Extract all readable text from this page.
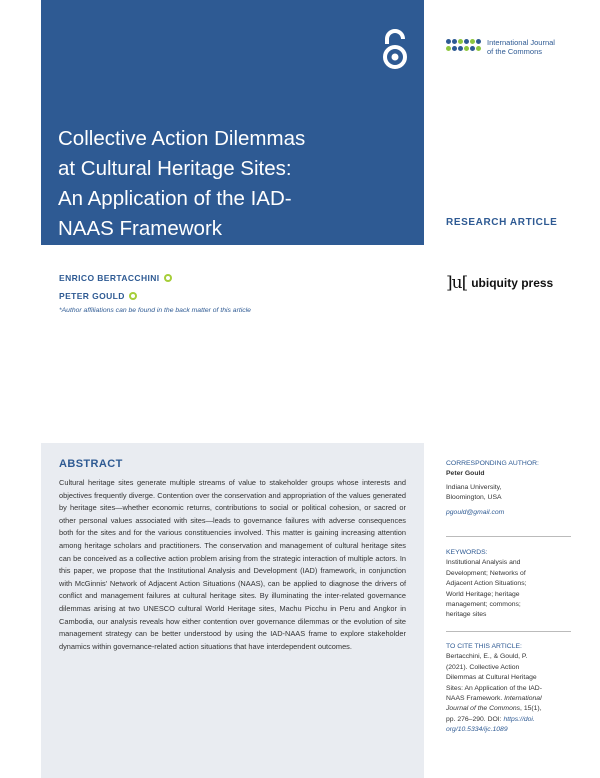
Collective Action Dilemmas
at Cultural Heritage Sites:
An Application of the IAD-
NAAS Framework
International Journal
of the Commons
RESEARCH ARTICLE
ENRICO BERTACCHINI
PETER GOULD
*Author affiliations can be found in the back matter of this article
]u[ ubiquity press
ABSTRACT

Cultural heritage sites generate multiple streams of value to stakeholder groups whose interests and objectives frequently diverge. Contention over the conservation and appropriation of the values generated by heritage sites—whether economic returns, contributions to social or political cohesion, or sacred or other personal values associated with sites—leads to governance failures with adverse consequences both for the sites and for the various constituencies involved. This matter is gaining increasing attention among heritage scholars and practitioners. The conservation and management of cultural heritage sites can be conceived as a collective action problem arising from the strategic interaction of multiple actors. In this paper, we propose that the Institutional Analysis and Development (IAD) framework, in conjunction with McGinnis' Network of Adjacent Action Situations (NAAS), can be applied to diagnose the drivers of conflict and management failures at cultural heritage sites. By illuminating the inter-related governance dilemmas arising at two UNESCO cultural World Heritage sites, Machu Picchu in Peru and Angkor in Cambodia, our analysis reveals how either contention over governance dilemmas or the evolution of site management strategy can be better understood by using the IAD-NAAS frame to explore stakeholder dynamics within governance-related action situations that have interdependent outcomes.

CORRESPONDING AUTHOR:
Peter Gould
Indiana University,
Bloomington, USA
pgould@gmail.com
KEYWORDS:
Institutional Analysis and
Development; Networks of
Adjacent Action Situations;
World Heritage; heritage
management; commons;
heritage sites
TO CITE THIS ARTICLE:
Bertacchini, E., & Gould, P.
(2021). Collective Action
Dilemmas at Cultural Heritage
Sites: An Application of the IAD-
NAAS Framework. International
Journal of the Commons, 15(1),
pp. 276–290. DOI: https://doi.
org/10.5334/ijc.1089
